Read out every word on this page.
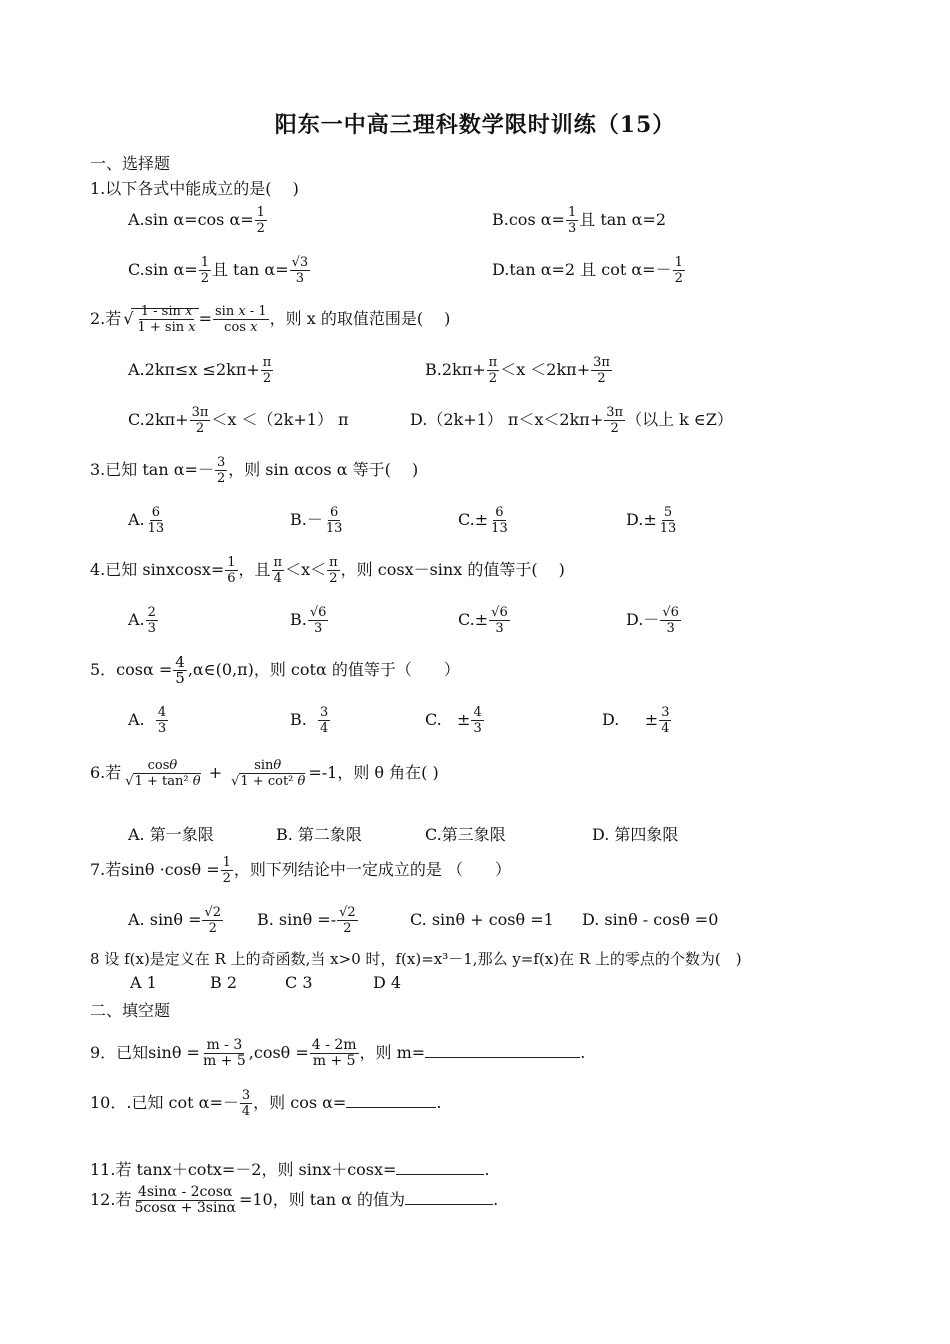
阳东一中高三理科数学限时训练（15）
一、选择题
1.以下各式中能成立的是(　 )
A.sin α=cos $\alpha= \frac{1}{2}$	B.cos $\alpha= \frac{1}{3}$ 且 tan α=2
C.sin $\alpha= \frac{1}{2}$ 且 $\tan \alpha= \frac{√3}{3}$	D.tan α=2 且 $\cot \alpha=- \frac{1}{2}$
2.若
√ $\frac{\text{1 - sin x}}{\text{1 + sin x}} = \frac{\text{sin x - 1}}{\text{cos x}}$ ，则 x 的取值范围是(　 )
$A.2k\pi\le x \le 2k\pi+ \frac{\pi}{2}$	$B.2k\pi+ \frac{\pi}{2} <x <2k\pi+ \frac{3\pi}{2}$
$C.2k\pi+ \frac{3\pi}{2} <x <(2k+1)$ π	D.（2k+1） $\pi<x<2k\pi+ \frac{3\pi}{2}$ （以上 k ∈Z）
3.已知 $\tan \alpha=- \frac{3}{2}$ ，则 sin αcos α 等于(　 )
A. $\frac{6}{13}$	$B.- \frac{6}{13}$	$C.\pm \frac{6}{13}$	$D.\pm \frac{5}{13}$
4.已知 sinxcosx= $\frac{1}{6}$ ，且 $\frac{\pi}{4} <x< \frac{\pi}{2}$ ，则 cosx－sinx 的值等于(　 )
A. $\frac{2}{3}$	B. $\frac{√6}{3}$	$C.\pm \frac{√6}{3}$	$D.- \frac{√6}{3}$
5．$\cos\alpha = \frac{4}{5}$ ,α∈(0,π)，则 cotα 的值等于（　　）
A. $\frac{4}{3}$	B. $\frac{3}{4}$	C. ± $\frac{4}{3}$	D. ± $\frac{3}{4}$
6.若 cosθ
√ 1 + tan² θ + sinθ
√ 1 + cot² θ =-1，则 θ 角在( )
A. 第一象限	B. 第二象限	C.第三象限	D. 第四象限
7.若$\sin\theta \cdot\cos\theta = \frac{1}{2}$ ，则下列结论中一定成立的是 （　　）
A. $\sin\theta = \frac{√2}{2} B$. $\sin\theta =- \frac{√2}{2}$	C. sinθ + cosθ =1 D. sinθ - cosθ =0
8 设 f(x)是定义在 R 上的奇函数,当 x>0 时，f(x)=x³－1,那么 y=f(x)在 R 上的零点的个数为(　)
A 1	B 2	C 3	D 4
二、填空题
9．已知$\sin\theta = \frac{m - 3}{m + 5} ,\cos\theta = \frac{4 - 2m}{m + 5}$ ，则 m=	.
10．.已知 $\cot \alpha=- \frac{3}{4}$ ，则 cos α=	.
11.若 tanx＋cotx=－2，则 sinx＋cosx=	.
12.若 $\frac{4\sin\alpha - 2\cos\alpha}{5\cos\alpha + 3\sin\alpha} =10$，则 tan α 的值为	.
